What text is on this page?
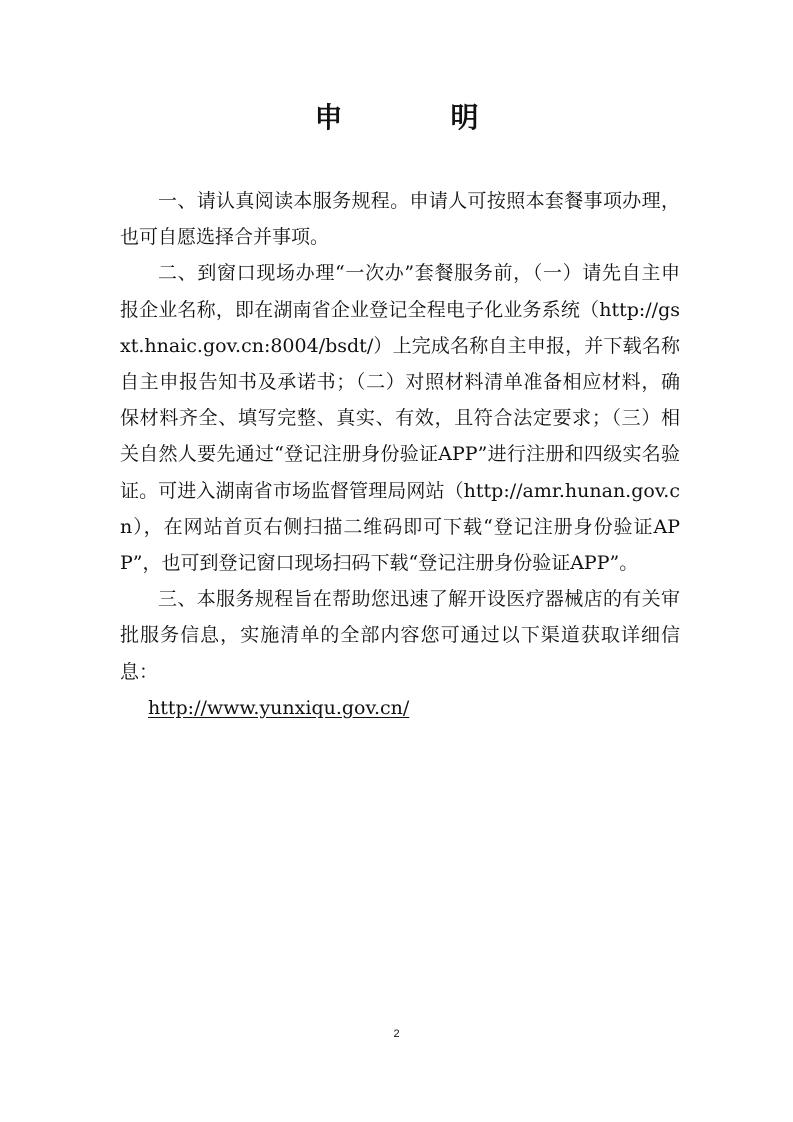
申　明

一、请认真阅读本服务规程。申请人可按照本套餐事项办理，也可自愿选择合并事项。

二、到窗口现场办理“一次办”套餐服务前，（一）请先自主申报企业名称，即在湖南省企业登记全程电子化业务系统（http://gsxt.hnaic.gov.cn:8004/bsdt/）上完成名称自主申报，并下载名称自主申报告知书及承诺书；（二）对照材料清单准备相应材料，确保材料齐全、填写完整、真实、有效，且符合法定要求；（三）相关自然人要先通过“登记注册身份验证APP”进行注册和四级实名验证。可进入湖南省市场监督管理局网站（http://amr.hunan.gov.cn），在网站首页右侧扫描二维码即可下载“登记注册身份验证APP”，也可到登记窗口现场扫码下载“登记注册身份验证APP”。

三、本服务规程旨在帮助您迅速了解开设医疗器械店的有关审批服务信息，实施清单的全部内容您可通过以下渠道获取详细信息：

http://www.yunxiqu.gov.cn/

2
